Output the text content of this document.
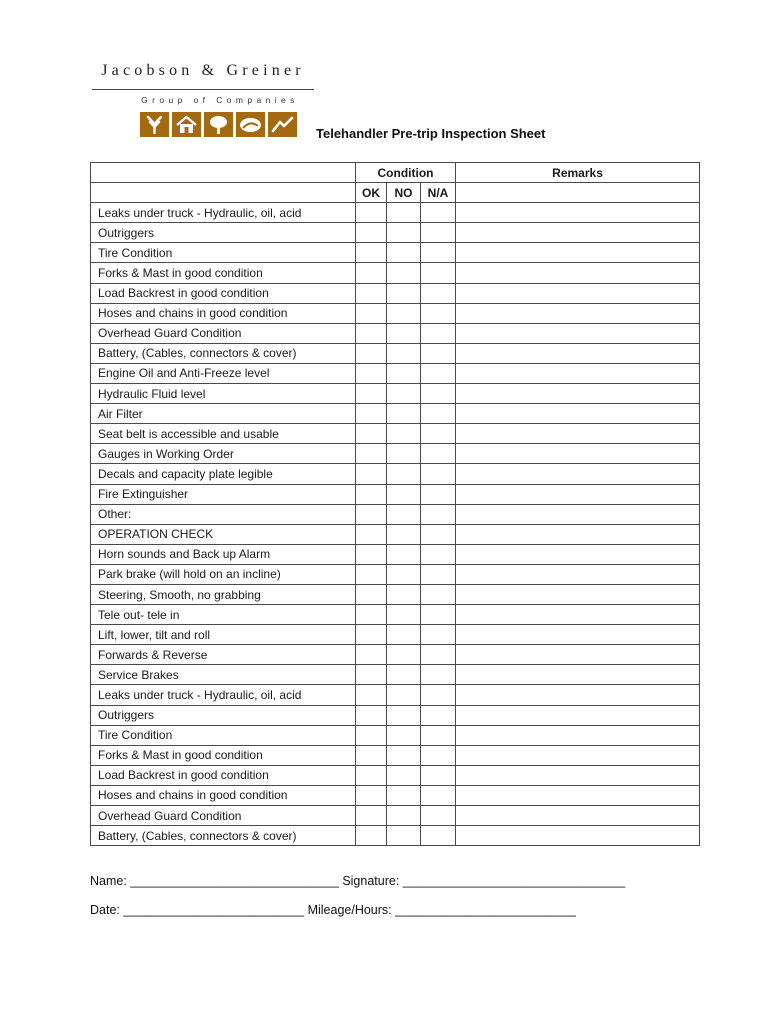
Jacobson & Greiner
Group of Companies
Telehandler Pre-trip Inspection Sheet
	Condition			Remarks
	OK	NO	N/A	
Leaks under truck - Hydraulic, oil, acid				
Outriggers				
Tire Condition				
Forks & Mast in good condition				
Load Backrest in good condition				
Hoses and chains in good condition				
Overhead Guard Condition				
Battery, (Cables, connectors & cover)				
Engine Oil and Anti-Freeze level				
Hydraulic Fluid level				
Air Filter				
Seat belt is accessible and usable				
Gauges in Working Order				
Decals and capacity plate legible				
Fire Extinguisher				
Other:				
OPERATION CHECK				
Horn sounds and Back up Alarm				
Park brake (will hold on an incline)				
Steering, Smooth, no grabbing				
Tele out- tele in				
Lift, lower, tilt and roll				
Forwards & Reverse				
Service Brakes				
Leaks under truck - Hydraulic, oil, acid				
Outriggers				
Tire Condition				
Forks & Mast in good condition				
Load Backrest in good condition				
Hoses and chains in good condition				
Overhead Guard Condition				
Battery, (Cables, connectors & cover)				
Name: ______________________________ Signature: ________________________________
Date: __________________________ Mileage/Hours: __________________________
